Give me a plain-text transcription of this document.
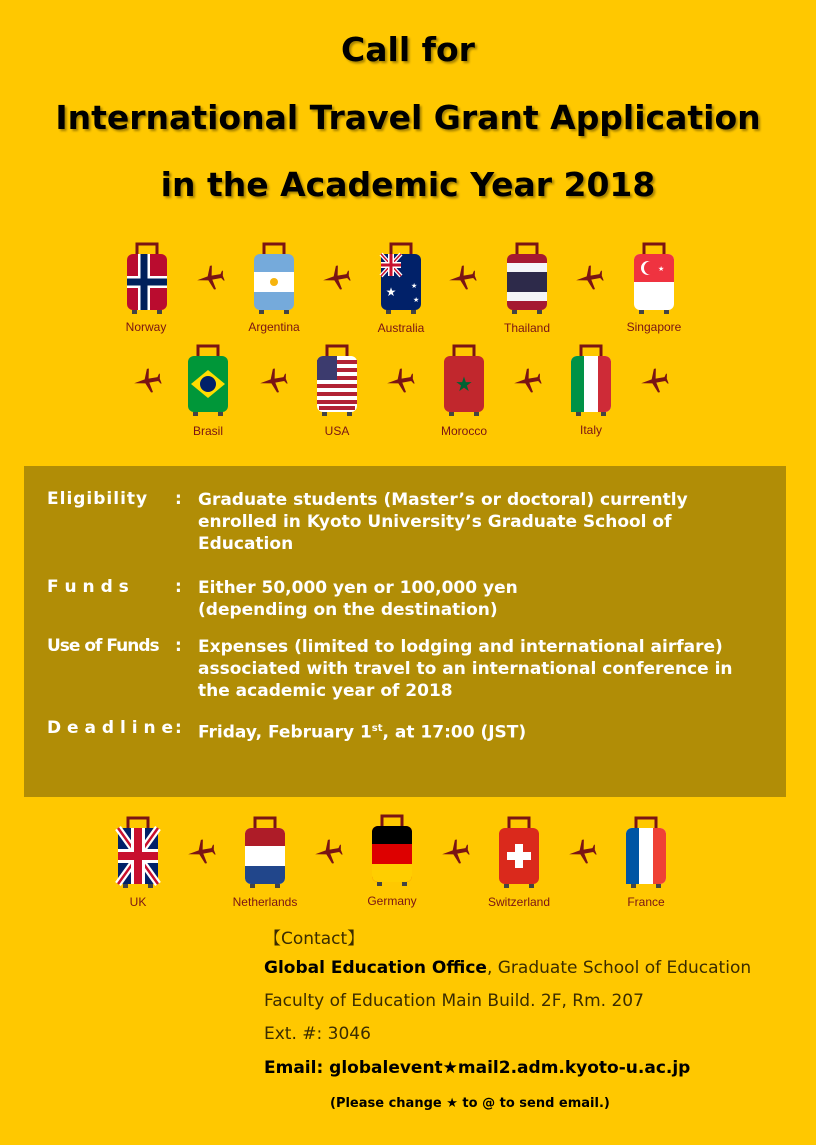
Call for
International Travel Grant Application
in the Academic Year 2018
Norway	Argentina
★ ★
★
Australia	Thailand
★
Singapore
Brasil	USA
★
Morocco	Italy
Eligibility	: Graduate students (Master’s or doctoral) currently enrolled in Kyoto University’s Graduate School of Education
F u n d s	: Either 50,000 yen or 100,000 yen
(depending on the destination)
Use of Funds : Expenses (limited to lodging and international airfare) associated with travel to an international conference in the academic year of 2018
D e a d l i n e : Friday, February 1st, at 17:00 (JST)
UK	Netherlands	Germany	Switzerland	France
【Contact】
Global Education Office, Graduate School of Education
Faculty of Education Main Build. 2F, Rm. 207
Ext. #: 3046
Email: globalevent★mail2.adm.kyoto-u.ac.jp
(Please change ★ to @ to send email.)
